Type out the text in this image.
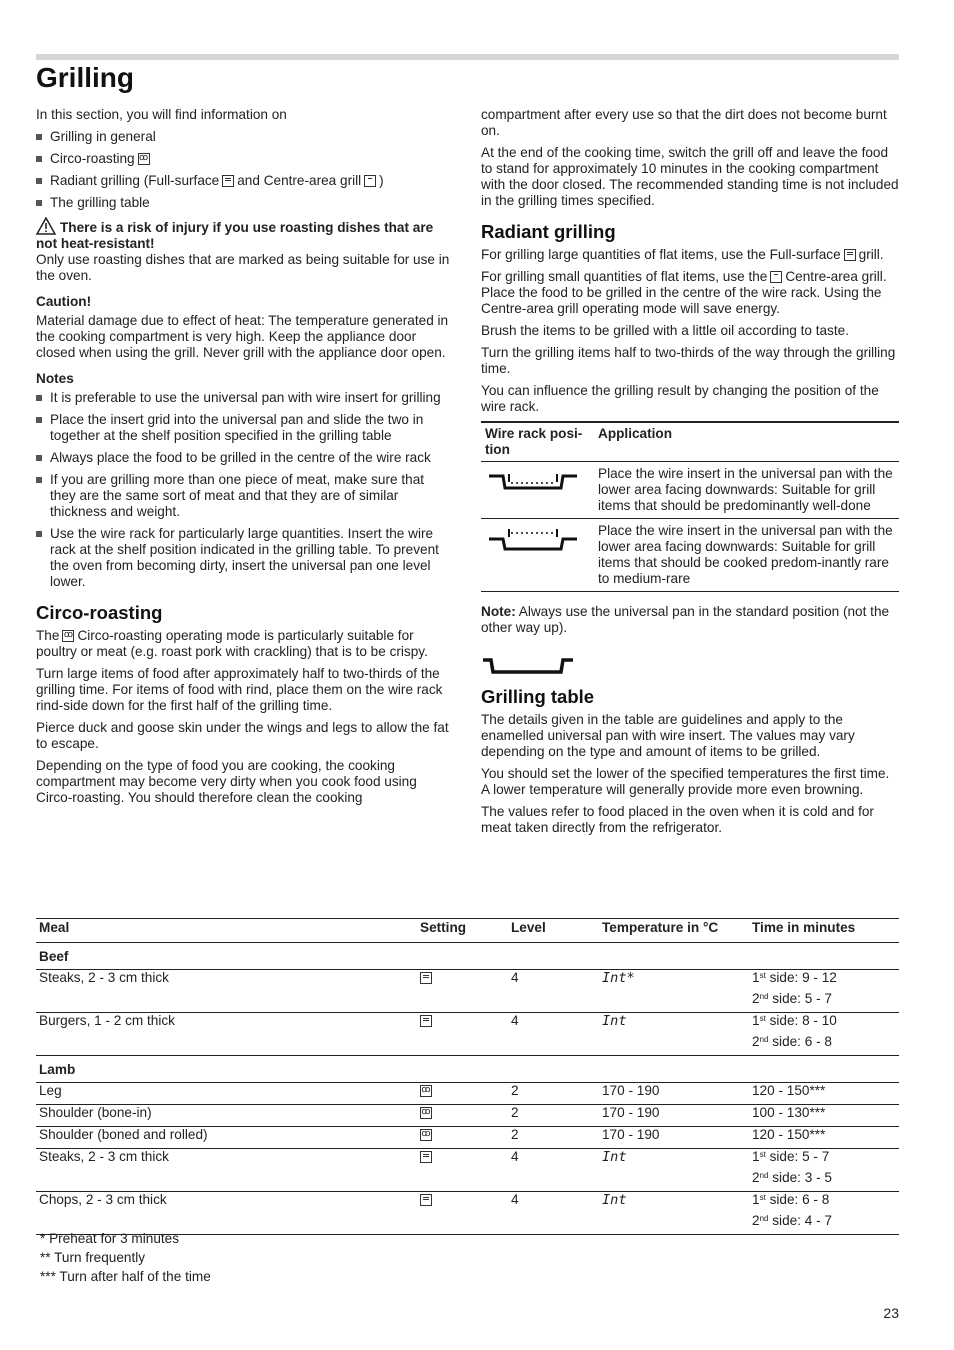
Grilling

In this section, you will find information on

Grilling in general
Circo-roastingꝏ
Radiant grilling (Full-surface and Centre-area grill )
The grilling table
There is a risk of injury if you use roasting dishes that are not heat-resistant!

Only use roasting dishes that are marked as being suitable for use in the oven.

Caution!

Material damage due to effect of heat: The temperature generated in the cooking compartment is very high. Keep the appliance door closed when using the grill. Never grill with the appliance door open.

Notes

It is preferable to use the universal pan with wire insert for grilling
Place the insert grid into the universal pan and slide the two in together at the shelf position specified in the grilling table
Always place the food to be grilled in the centre of the wire rack
If you are grilling more than one piece of meat, make sure that they are the same sort of meat and that they are of similar thickness and weight.
Use the wire rack for particularly large quantities. Insert the wire rack at the shelf position indicated in the grilling table. To prevent the oven from becoming dirty, insert the universal pan one level lower.
Circo-roasting

The ꝏ Circo-roasting operating mode is particularly suitable for poultry or meat (e.g. roast pork with crackling) that is to be crispy.

Turn large items of food after approximately half to two-thirds of the grilling time. For items of food with rind, place them on the wire rack rind-side down for the first half of the grilling time.

Pierce duck and goose skin under the wings and legs to allow the fat to escape.

Depending on the type of food you are cooking, the cooking compartment may become very dirty when you cook food using Circo-roasting. You should therefore clean the cooking

compartment after every use so that the dirt does not become burnt on.

At the end of the cooking time, switch the grill off and leave the food to stand for approximately 10 minutes in the cooking compartment with the door closed. The recommended standing time is not included in the grilling times specified.

Radiant grilling

For grilling large quantities of flat items, use the Full-surface grill.

For grilling small quantities of flat items, use the Centre-area grill. Place the food to be grilled in the centre of the wire rack. Using the Centre-area grill operating mode will save energy.

Brush the items to be grilled with a little oil according to taste.

Turn the grilling items half to two-thirds of the way through the grilling time.

You can influence the grilling result by changing the position of the wire rack.

Wire rack posi-tion	Application
	Place the wire insert in the universal pan with the lower area facing downwards: Suitable for grill items that should be predominantly well-done
	Place the wire insert in the universal pan with the lower area facing downwards: Suitable for grill items that should be cooked predom-inantly rare to medium-rare

Note: Always use the universal pan in the standard position (not the other way up).

Grilling table

The details given in the table are guidelines and apply to the enamelled universal pan with wire insert. The values may vary depending on the type and amount of items to be grilled.

You should set the lower of the specified temperatures the first time. A lower temperature will generally provide more even browning.

The values refer to food placed in the oven when it is cold and for meat taken directly from the refrigerator.

Meal	Setting	Level	Temperature in °C	Time in minutes
Beef				
Steaks, 2 - 3 cm thick		4	Int*	1st side: 9 - 12
				2nd side: 5 - 7
Burgers, 1 - 2 cm thick		4	Int	1st side: 8 - 10
				2nd side: 6 - 8
Lamb				
Leg	ꝏ	2	170 - 190	120 - 150***
Shoulder (bone-in)	ꝏ	2	170 - 190	100 - 130***
Shoulder (boned and rolled)	ꝏ	2	170 - 190	120 - 150***
Steaks, 2 - 3 cm thick		4	Int	1st side: 5 - 7
				2nd side: 3 - 5
Chops, 2 - 3 cm thick		4	Int	1st side: 6 - 8
				2nd side: 4 - 7
* Preheat for 3 minutes
** Turn frequently
*** Turn after half of the time
23
